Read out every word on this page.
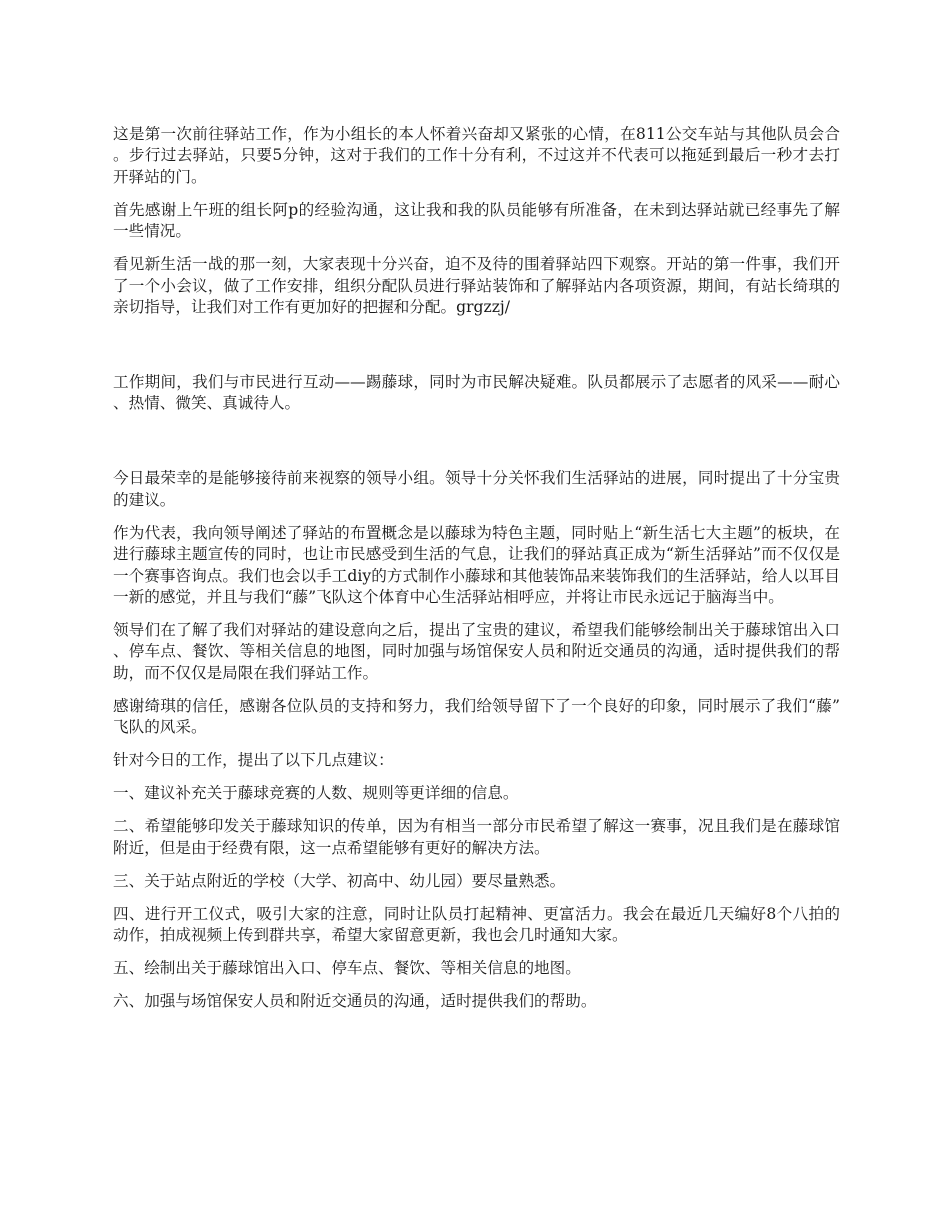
这是第一次前往驿站工作，作为小组长的本人怀着兴奋却又紧张的心情，在811公交车站与其他队员会合。步行过去驿站，只要5分钟，这对于我们的工作十分有利，不过这并不代表可以拖延到最后一秒才去打开驿站的门。

首先感谢上午班的组长阿p的经验沟通，这让我和我的队员能够有所准备，在未到达驿站就已经事先了解一些情况。

看见新生活一战的那一刻，大家表现十分兴奋，迫不及待的围着驿站四下观察。开站的第一件事，我们开了一个小会议，做了工作安排，组织分配队员进行驿站装饰和了解驿站内各项资源，期间，有站长绮琪的亲切指导，让我们对工作有更加好的把握和分配。grgzzj/

工作期间，我们与市民进行互动——踢藤球，同时为市民解决疑难。队员都展示了志愿者的风采——耐心、热情、微笑、真诚待人。

今日最荣幸的是能够接待前来视察的领导小组。领导十分关怀我们生活驿站的进展，同时提出了十分宝贵的建议。

作为代表，我向领导阐述了驿站的布置概念是以藤球为特色主题，同时贴上“新生活七大主题”的板块，在进行藤球主题宣传的同时，也让市民感受到生活的气息，让我们的驿站真正成为“新生活驿站”而不仅仅是一个赛事咨询点。我们也会以手工diy的方式制作小藤球和其他装饰品来装饰我们的生活驿站，给人以耳目一新的感觉，并且与我们“藤”飞队这个体育中心生活驿站相呼应，并将让市民永远记于脑海当中。

领导们在了解了我们对驿站的建设意向之后，提出了宝贵的建议，希望我们能够绘制出关于藤球馆出入口、停车点、餐饮、等相关信息的地图，同时加强与场馆保安人员和附近交通员的沟通，适时提供我们的帮助，而不仅仅是局限在我们驿站工作。

感谢绮琪的信任，感谢各位队员的支持和努力，我们给领导留下了一个良好的印象，同时展示了我们“藤”飞队的风采。

针对今日的工作，提出了以下几点建议：

一、建议补充关于藤球竞赛的人数、规则等更详细的信息。

二、希望能够印发关于藤球知识的传单，因为有相当一部分市民希望了解这一赛事，况且我们是在藤球馆附近，但是由于经费有限，这一点希望能够有更好的解决方法。

三、关于站点附近的学校（大学、初高中、幼儿园）要尽量熟悉。

四、进行开工仪式，吸引大家的注意，同时让队员打起精神、更富活力。我会在最近几天编好8个八拍的动作，拍成视频上传到群共享，希望大家留意更新，我也会几时通知大家。

五、绘制出关于藤球馆出入口、停车点、餐饮、等相关信息的地图。

六、加强与场馆保安人员和附近交通员的沟通，适时提供我们的帮助。
